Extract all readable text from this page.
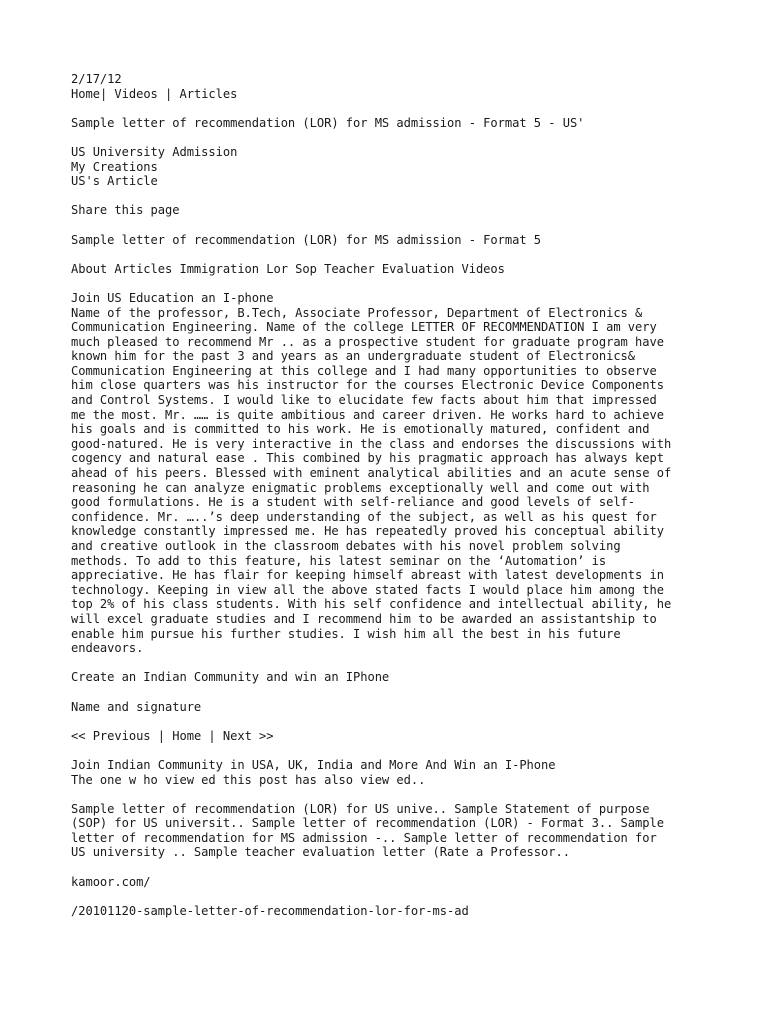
2/17/12
Home| Videos | Articles
Sample letter of recommendation (LOR) for MS admission - Format 5 - US'
US University Admission
My Creations
US's Article
Share this page
Sample letter of recommendation (LOR) for MS admission - Format 5
About Articles Immigration Lor Sop Teacher Evaluation Videos
Join US Education an I-phone
Name of the professor, B.Tech, Associate Professor, Department of Electronics &
Communication Engineering. Name of the college LETTER OF RECOMMENDATION I am very
much pleased to recommend Mr .. as a prospective student for graduate program have
known him for the past 3 and years as an undergraduate student of Electronics&
Communication Engineering at this college and I had many opportunities to observe
him close quarters was his instructor for the courses Electronic Device Components
and Control Systems. I would like to elucidate few facts about him that impressed
me the most. Mr. …… is quite ambitious and career driven. He works hard to achieve
his goals and is committed to his work. He is emotionally matured, confident and
good-natured. He is very interactive in the class and endorses the discussions with
cogency and natural ease . This combined by his pragmatic approach has always kept
ahead of his peers. Blessed with eminent analytical abilities and an acute sense of
reasoning he can analyze enigmatic problems exceptionally well and come out with
good formulations. He is a student with self-reliance and good levels of self-
confidence. Mr. …..’s deep understanding of the subject, as well as his quest for
knowledge constantly impressed me. He has repeatedly proved his conceptual ability
and creative outlook in the classroom debates with his novel problem solving
methods. To add to this feature, his latest seminar on the ‘Automation’ is
appreciative. He has flair for keeping himself abreast with latest developments in
technology. Keeping in view all the above stated facts I would place him among the
top 2% of his class students. With his self confidence and intellectual ability, he
will excel graduate studies and I recommend him to be awarded an assistantship to
enable him pursue his further studies. I wish him all the best in his future
endeavors.
Create an Indian Community and win an IPhone
Name and signature
<< Previous | Home | Next >>
Join Indian Community in USA, UK, India and More And Win an I-Phone
The one w ho view ed this post has also view ed..
Sample letter of recommendation (LOR) for US unive.. Sample Statement of purpose
(SOP) for US universit.. Sample letter of recommendation (LOR) - Format 3.. Sample
letter of recommendation for MS admission -.. Sample letter of recommendation for
US university .. Sample teacher evaluation letter (Rate a Professor..
kamoor.com/
/20101120-sample-letter-of-recommendation-lor-for-ms-ad
